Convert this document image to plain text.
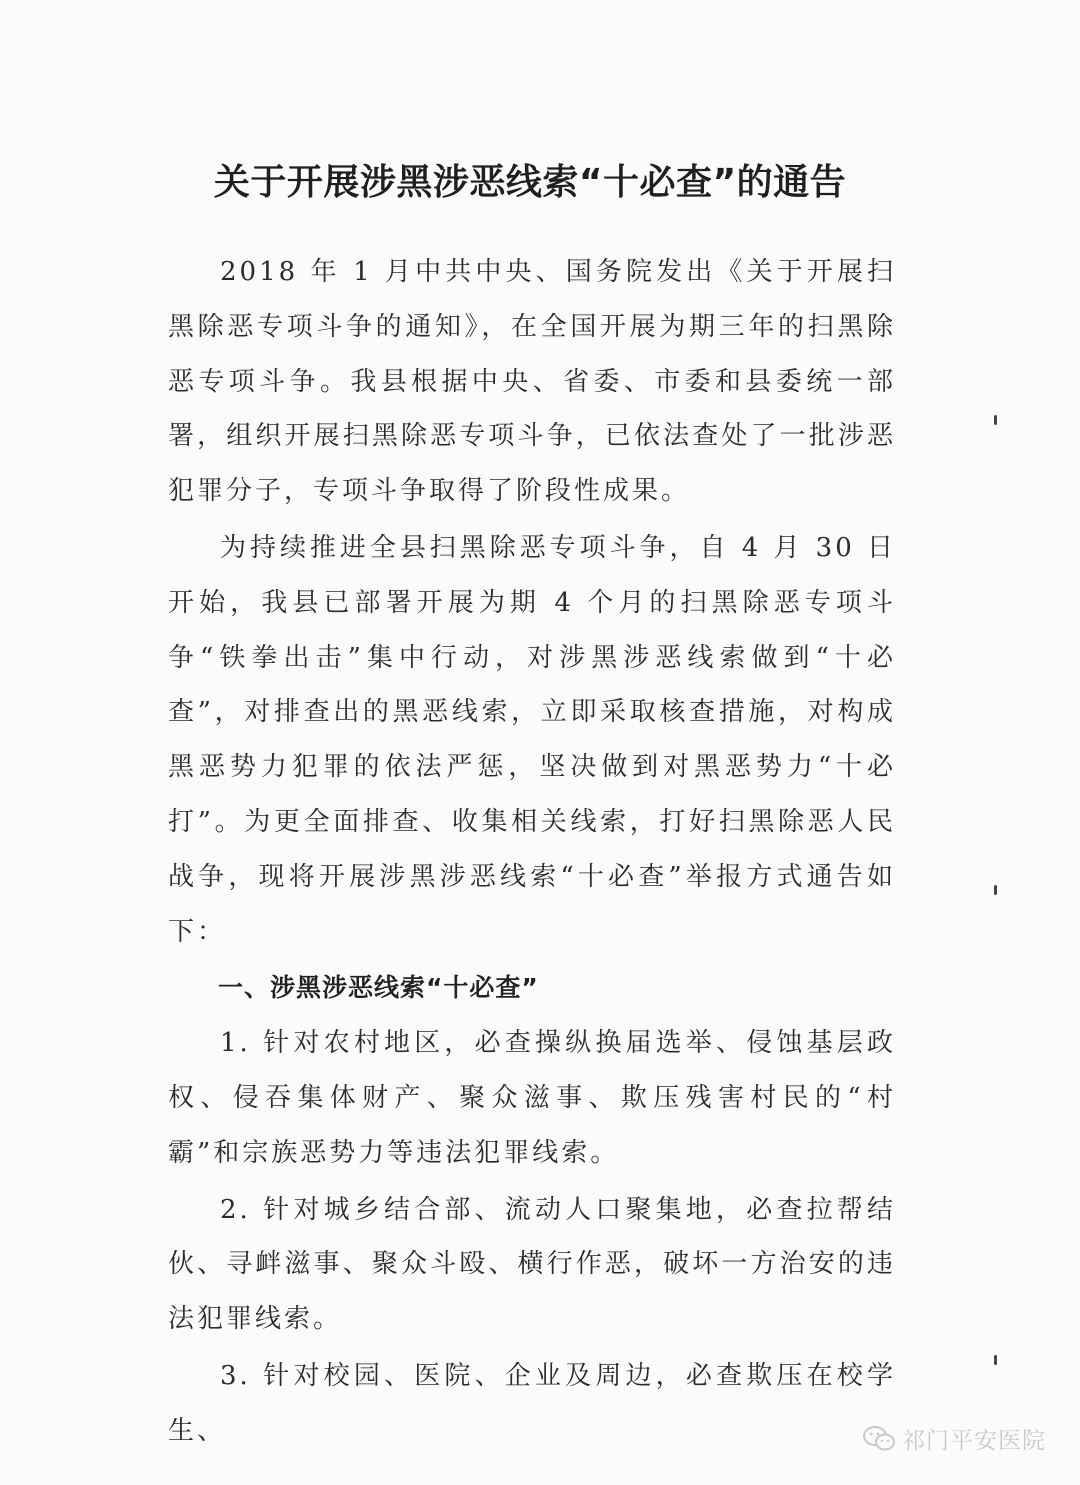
关于开展涉黑涉恶线索“十必查”的通告

2018 年 1 月中共中央、国务院发出《关于开展扫黑除恶专项斗争的通知》，在全国开展为期三年的扫黑除恶专项斗争。我县根据中央、省委、市委和县委统一部署，组织开展扫黑除恶专项斗争，已依法查处了一批涉恶犯罪分子，专项斗争取得了阶段性成果。

为持续推进全县扫黑除恶专项斗争，自 4 月 30 日开始，我县已部署开展为期 4 个月的扫黑除恶专项斗争“铁拳出击”集中行动，对涉黑涉恶线索做到“十必查”，对排查出的黑恶线索，立即采取核查措施，对构成黑恶势力犯罪的依法严惩，坚决做到对黑恶势力“十必打”。为更全面排查、收集相关线索，打好扫黑除恶人民战争，现将开展涉黑涉恶线索“十必查”举报方式通告如下：

一、涉黑涉恶线索“十必查”

1. 针对农村地区，必查操纵换届选举、侵蚀基层政权、侵吞集体财产、聚众滋事、欺压残害村民的“村霸”和宗族恶势力等违法犯罪线索。

2. 针对城乡结合部、流动人口聚集地，必查拉帮结伙、寻衅滋事、聚众斗殴、横行作恶，破坏一方治安的违法犯罪线索。

3. 针对校园、医院、企业及周边，必查欺压在校学生、	祁门平安医院
